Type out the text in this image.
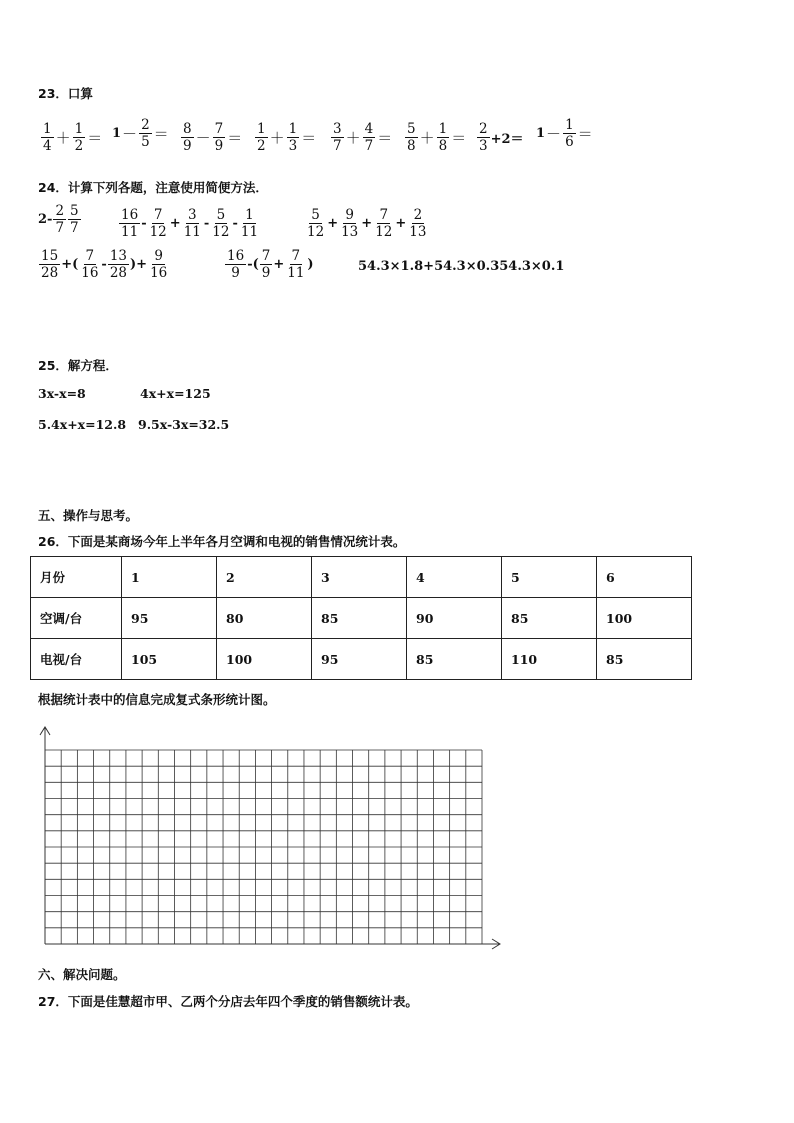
23．口算
$\frac{1}{4} + \frac{1}{2} = 1 - \frac{2}{5} = \frac{8}{9} - \frac{7}{9} = \frac{1}{2} + \frac{1}{3} = \frac{3}{7} + \frac{4}{7} = \frac{5}{8} + \frac{1}{8} = \frac{2}{3} +2= 1 - \frac{1}{6}$ ＝
24．计算下列各题，注意使用简便方法．
$2- \frac{2}{7} \frac{5}{7}$	$\frac{16}{11} - \frac{7}{12} + \frac{3}{11} - \frac{5}{12} - \frac{1}{11}$	$\frac{5}{12} + \frac{9}{13} + \frac{7}{12} + \frac{2}{13}$
$\frac{15}{28}$ +( $\frac{7}{16} - \frac{13}{28}$ )+ $\frac{9}{16}$	$\frac{16}{9}$ -( $\frac{7}{9} + \frac{7}{11}$ )	54.3×1.8+54.3×0.354.3×0.1
25．解方程．
3x-x=8	4x+x=125
5.4x+x=12.8 9.5x-3x=32.5
五、操作与思考。
26．下面是某商场今年上半年各月空调和电视的销售情况统计表。
月份	1	2	3	4	5	6
空调/台	95	80	85	90	85	100
电视/台	105	100	95	85	110	85
根据统计表中的信息完成复式条形统计图。
六、解决问题。
27．下面是佳慧超市甲、乙两个分店去年四个季度的销售额统计表。
